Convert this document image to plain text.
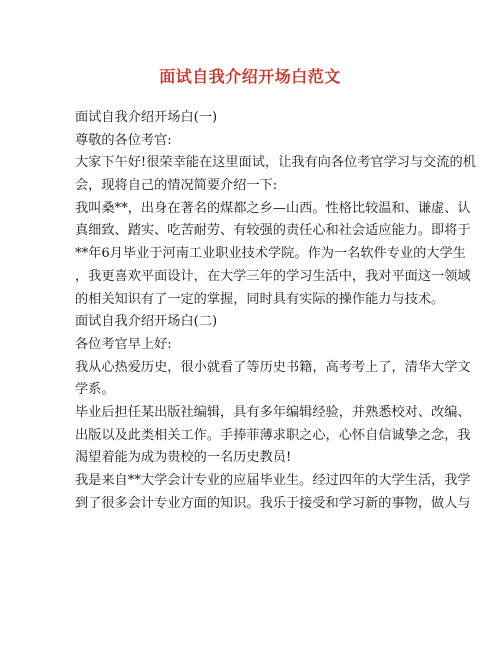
面试自我介绍开场白范文
面试自我介绍开场白(一)
尊敬的各位考官:
大家下午好!很荣幸能在这里面试，让我有向各位考官学习与交流的机
会，现将自己的情况简要介绍一下:
我叫桑**，出身在著名的煤都之乡—山西。性格比较温和、谦虚、认
真细致、踏实、吃苦耐劳、有较强的责任心和社会适应能力。即将于
**年6月毕业于河南工业职业技术学院。作为一名软件专业的大学生
，我更喜欢平面设计，在大学三年的学习生活中，我对平面这一领域
的相关知识有了一定的掌握，同时具有实际的操作能力与技术。
面试自我介绍开场白(二)
各位考官早上好:
我从心热爱历史，很小就看了等历史书籍，高考考上了，清华大学文
学系。
毕业后担任某出版社编辑，具有多年编辑经验，并熟悉校对、改编、
出版以及此类相关工作。手捧菲薄求职之心，心怀自信诚挚之念，我
渴望着能为成为贵校的一名历史教员!
我是来自**大学会计专业的应届毕业生。经过四年的大学生活，我学
到了很多会计专业方面的知识。我乐于接受和学习新的事物，做人与
